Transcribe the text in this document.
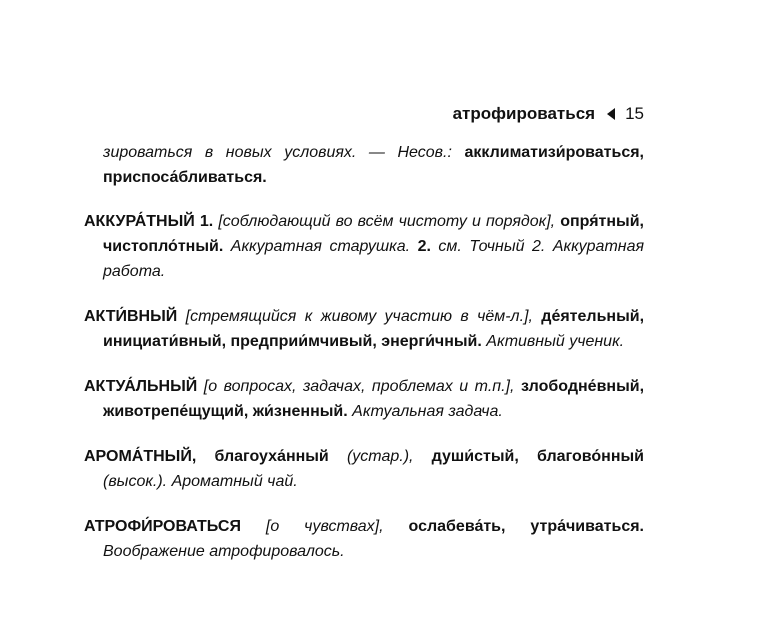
атрофироваться 15

зироваться в новых условиях. — Несов.: акклиматизи́роваться, приспоса́бливаться.

АККУРА́ТНЫЙ 1. [соблюдающий во всём чистоту и порядок], опря́тный, чистопло́тный. Аккуратная старушка. 2. см. Точный 2. Аккуратная работа.

АКТИ́ВНЫЙ [стремящийся к живому участию в чём-л.], де́ятельный, инициати́вный, предприи́мчивый, энерги́чный. Активный ученик.

АКТУА́ЛЬНЫЙ [о вопросах, задачах, проблемах и т.п.], злободне́вный, животрепе́щущий, жи́зненный. Актуальная задача.

АРОМА́ТНЫЙ, благоуха́нный (устар.), души́стый, благово́нный (высок.). Ароматный чай.

АТРОФИ́РОВАТЬСЯ [о чувствах], ослабева́ть, утра́чиваться. Воображение атрофировалось.
